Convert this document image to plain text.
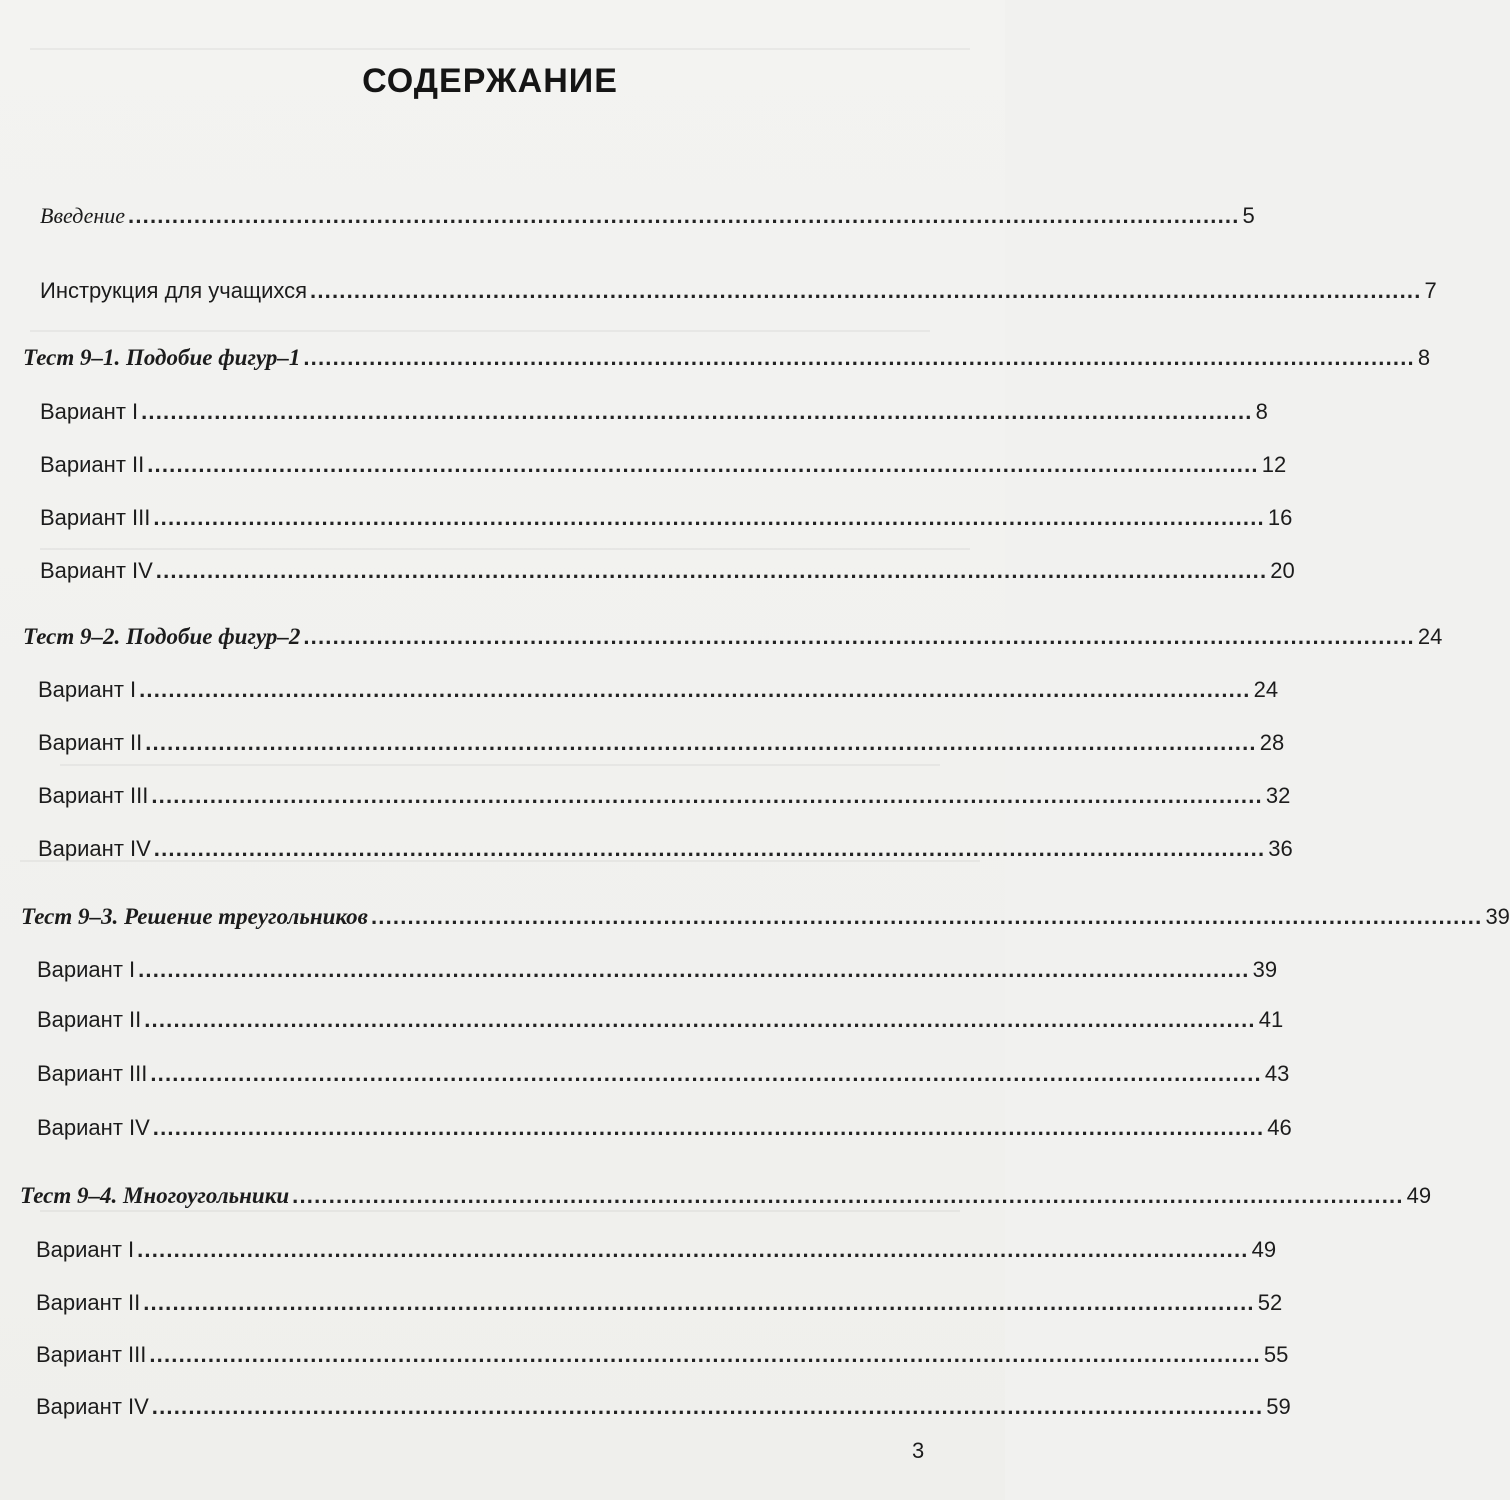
СОДЕРЖАНИЕ
Введение ........................................................................................................................................................ 5
Инструкция для учащихся ........................................................................................................................................................ 7
Тест 9–1. Подобие фигур–1 ........................................................................................................................................................ 8
Вариант I ........................................................................................................................................................ 8
Вариант II ........................................................................................................................................................ 12
Вариант III ........................................................................................................................................................ 16
Вариант IV ........................................................................................................................................................ 20
Тест 9–2. Подобие фигур–2 ........................................................................................................................................................ 24
Вариант I ........................................................................................................................................................ 24
Вариант II ........................................................................................................................................................ 28
Вариант III ........................................................................................................................................................ 32
Вариант IV ........................................................................................................................................................ 36
Тест 9–3. Решение треугольников ........................................................................................................................................................ 39
Вариант I ........................................................................................................................................................ 39
Вариант II ........................................................................................................................................................ 41
Вариант III ........................................................................................................................................................ 43
Вариант IV ........................................................................................................................................................ 46
Тест 9–4. Многоугольники ........................................................................................................................................................ 49
Вариант I ........................................................................................................................................................ 49
Вариант II ........................................................................................................................................................ 52
Вариант III ........................................................................................................................................................ 55
Вариант IV ........................................................................................................................................................ 59
3
